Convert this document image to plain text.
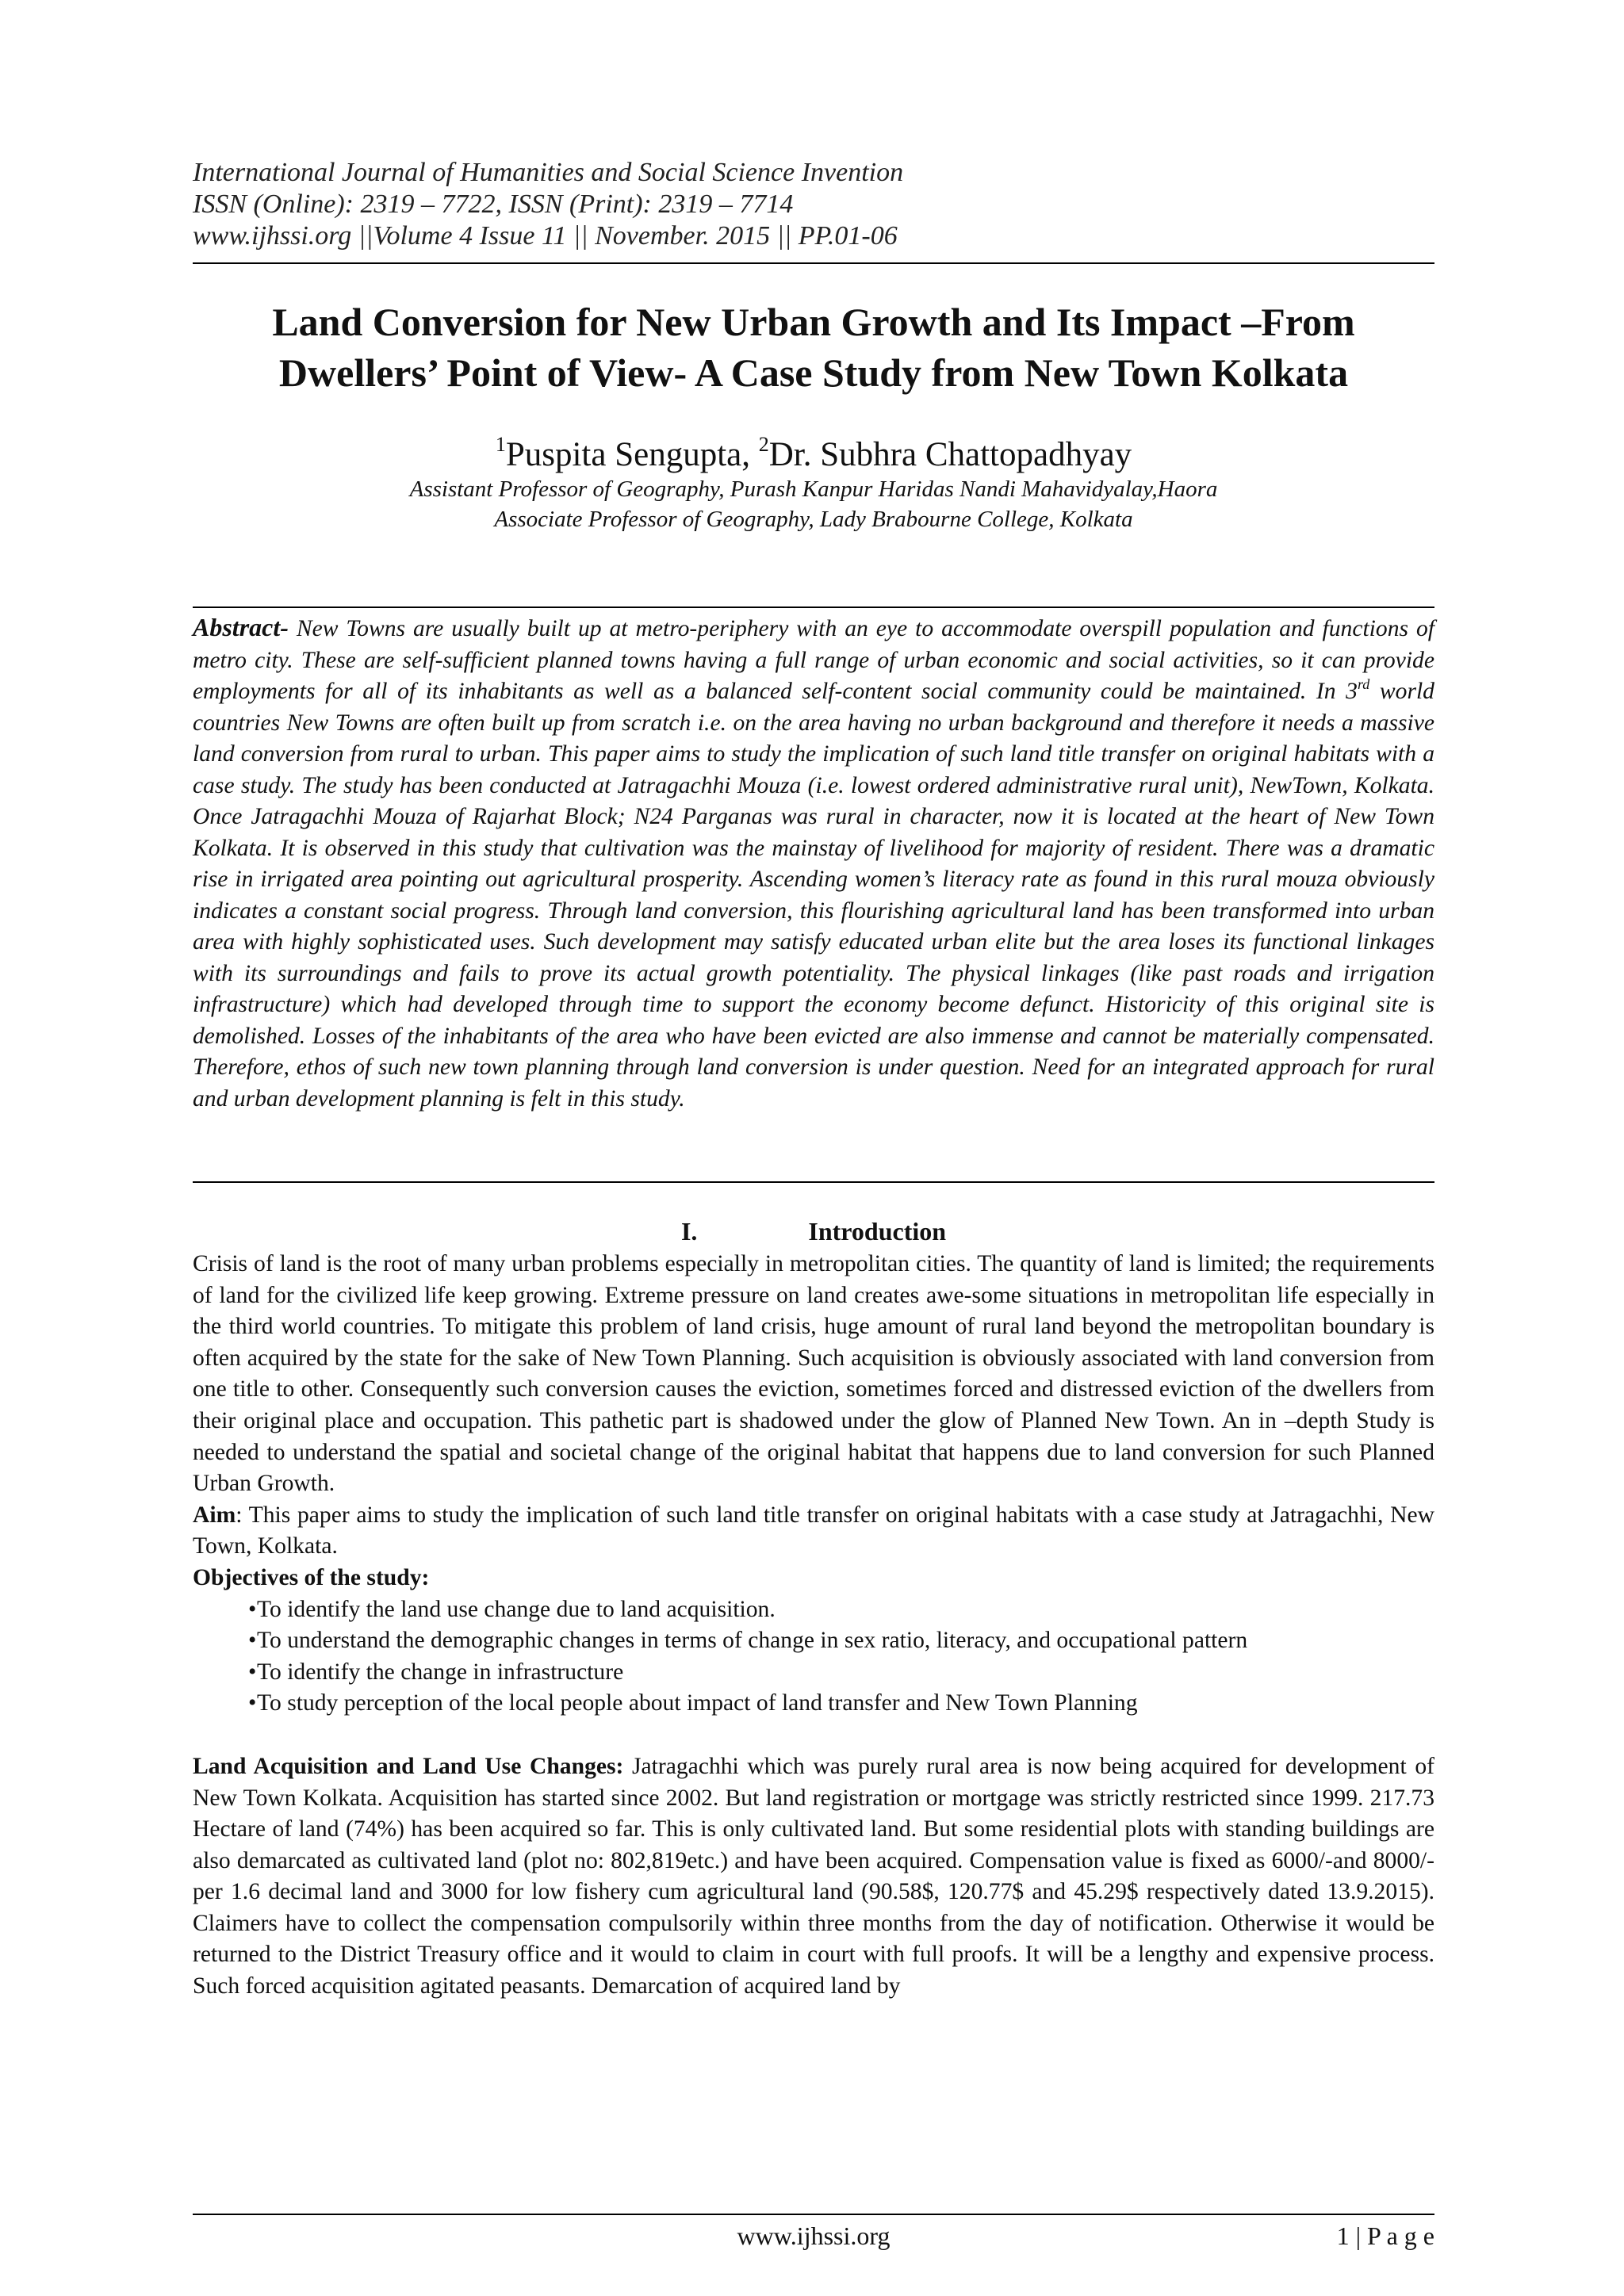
International Journal of Humanities and Social Science Invention
ISSN (Online): 2319 – 7722, ISSN (Print): 2319 – 7714
www.ijhssi.org ||Volume 4 Issue 11 || November. 2015 || PP.01-06
Land Conversion for New Urban Growth and Its Impact –From
Dwellers’ Point of View- A Case Study from New Town Kolkata
$^1$Puspita Sengupta, $^2$Dr. Subhra Chattopadhyay
Assistant Professor of Geography, Purash Kanpur Haridas Nandi Mahavidyalay,Haora
Associate Professor of Geography, Lady Brabourne College, Kolkata
Abstract- New Towns are usually built up at metro-periphery with an eye to accommodate overspill population and functions of metro city. These are self-sufficient planned towns having a full range of urban economic and social activities, so it can provide employments for all of its inhabitants as well as a balanced self-content social community could be maintained. In 3rd world countries New Towns are often built up from scratch i.e. on the area having no urban background and therefore it needs a massive land conversion from rural to urban. This paper aims to study the implication of such land title transfer on original habitats with a case study. The study has been conducted at Jatragachhi Mouza (i.e. lowest ordered administrative rural unit), NewTown, Kolkata. Once Jatragachhi Mouza of Rajarhat Block; N24 Parganas was rural in character, now it is located at the heart of New Town Kolkata. It is observed in this study that cultivation was the mainstay of livelihood for majority of resident. There was a dramatic rise in irrigated area pointing out agricultural prosperity. Ascending women’s literacy rate as found in this rural mouza obviously indicates a constant social progress. Through land conversion, this flourishing agricultural land has been transformed into urban area with highly sophisticated uses. Such development may satisfy educated urban elite but the area loses its functional linkages with its surroundings and fails to prove its actual growth potentiality. The physical linkages (like past roads and irrigation infrastructure) which had developed through time to support the economy become defunct. Historicity of this original site is demolished. Losses of the inhabitants of the area who have been evicted are also immense and cannot be materially compensated. Therefore, ethos of such new town planning through land conversion is under question. Need for an integrated approach for rural and urban development planning is felt in this study.
I.	Introduction

Crisis of land is the root of many urban problems especially in metropolitan cities. The quantity of land is limited; the requirements of land for the civilized life keep growing. Extreme pressure on land creates awe-some situations in metropolitan life especially in the third world countries. To mitigate this problem of land crisis, huge amount of rural land beyond the metropolitan boundary is often acquired by the state for the sake of New Town Planning. Such acquisition is obviously associated with land conversion from one title to other. Consequently such conversion causes the eviction, sometimes forced and distressed eviction of the dwellers from their original place and occupation. This pathetic part is shadowed under the glow of Planned New Town. An in –depth Study is needed to understand the spatial and societal change of the original habitat that happens due to land conversion for such Planned Urban Growth.

Aim: This paper aims to study the implication of such land title transfer on original habitats with a case study at Jatragachhi, New Town, Kolkata.

Objectives of the study:

To identify the land use change due to land acquisition.
To understand the demographic changes in terms of change in sex ratio, literacy, and occupational pattern
To identify the change in infrastructure
To study perception of the local people about impact of land transfer and New Town Planning

Land Acquisition and Land Use Changes: Jatragachhi which was purely rural area is now being acquired for development of New Town Kolkata. Acquisition has started since 2002. But land registration or mortgage was strictly restricted since 1999. 217.73 Hectare of land (74%) has been acquired so far. This is only cultivated land. But some residential plots with standing buildings are also demarcated as cultivated land (plot no: 802,819etc.) and have been acquired. Compensation value is fixed as 6000/-and 8000/-per 1.6 decimal land and 3000 for low fishery cum agricultural land (90.58$, 120.77$ and 45.29$ respectively dated 13.9.2015). Claimers have to collect the compensation compulsorily within three months from the day of notification. Otherwise it would be returned to the District Treasury office and it would to claim in court with full proofs. It will be a lengthy and expensive process. Such forced acquisition agitated peasants. Demarcation of acquired land by

www.ijhssi.org	1 | P a g e
